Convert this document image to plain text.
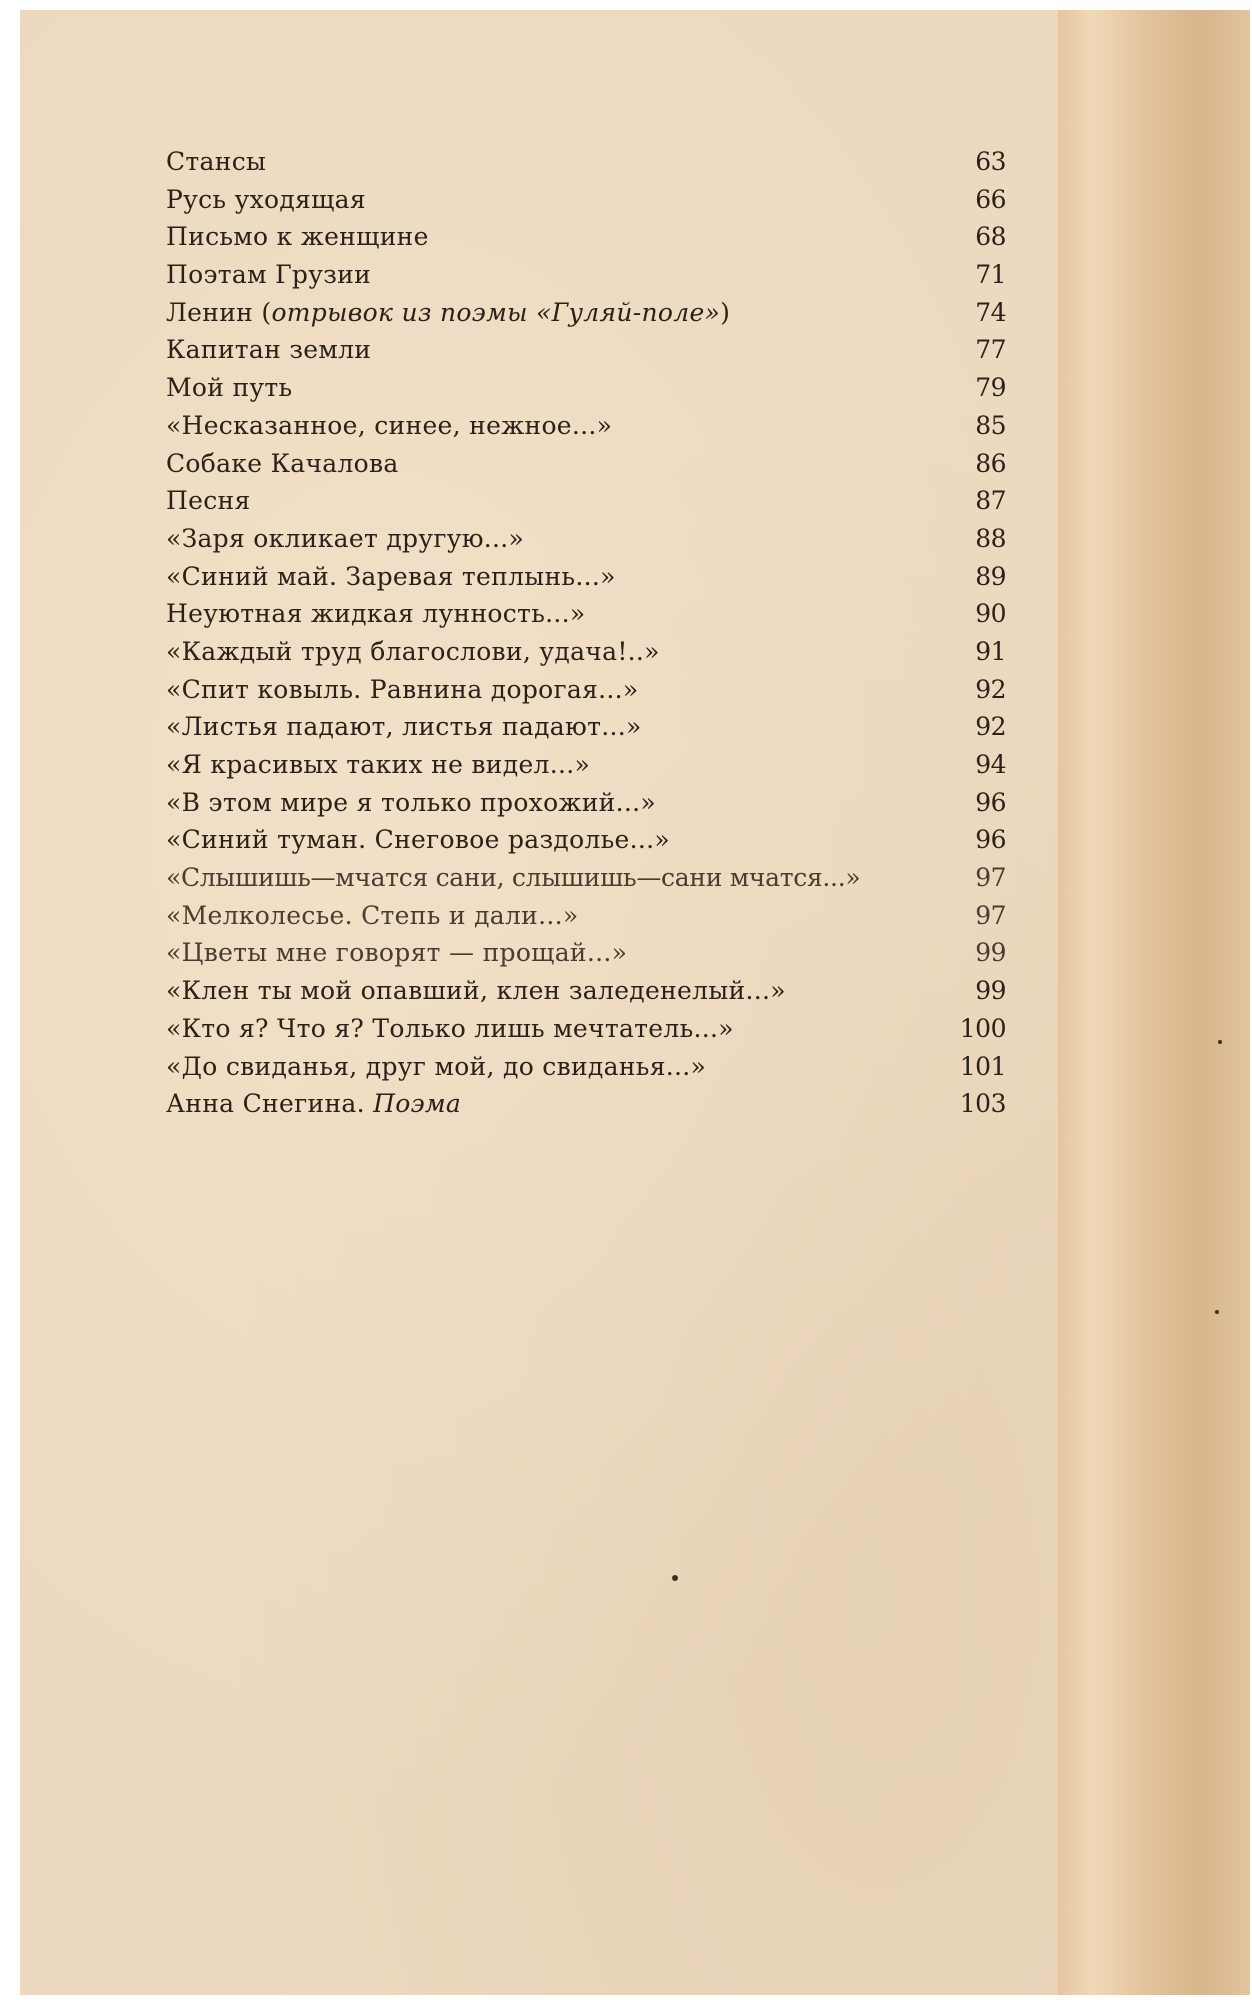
Стансы	63
Русь уходящая	66
Письмо к женщине	68
Поэтам Грузии	71
Ленин (отрывок из поэмы «Гуляй-поле»)	74
Капитан земли	77
Мой путь	79
«Несказанное, синее, нежное...»	85
Собаке Качалова	86
Песня	87
«Заря окликает другую...»	88
«Синий май. Заревая теплынь...»	89
Неуютная жидкая лунность...»	90
«Каждый труд благослови, удача!..»	91
«Спит ковыль. Равнина дорогая...»	92
«Листья падают, листья падают...»	92
«Я красивых таких не видел...»	94
«В этом мире я только прохожий...»	96
«Синий туман. Снеговое раздолье...»	96
«Слышишь—мчатся сани, слышишь—сани мчатся...»	97
«Мелколесье. Степь и дали...»	97
«Цветы мне говорят — прощай...»	99
«Клен ты мой опавший, клен заледенелый...»	99
«Кто я? Что я? Только лишь мечтатель...»	100
«До свиданья, друг мой, до свиданья...»	101
Анна Снегина. Поэма	103
